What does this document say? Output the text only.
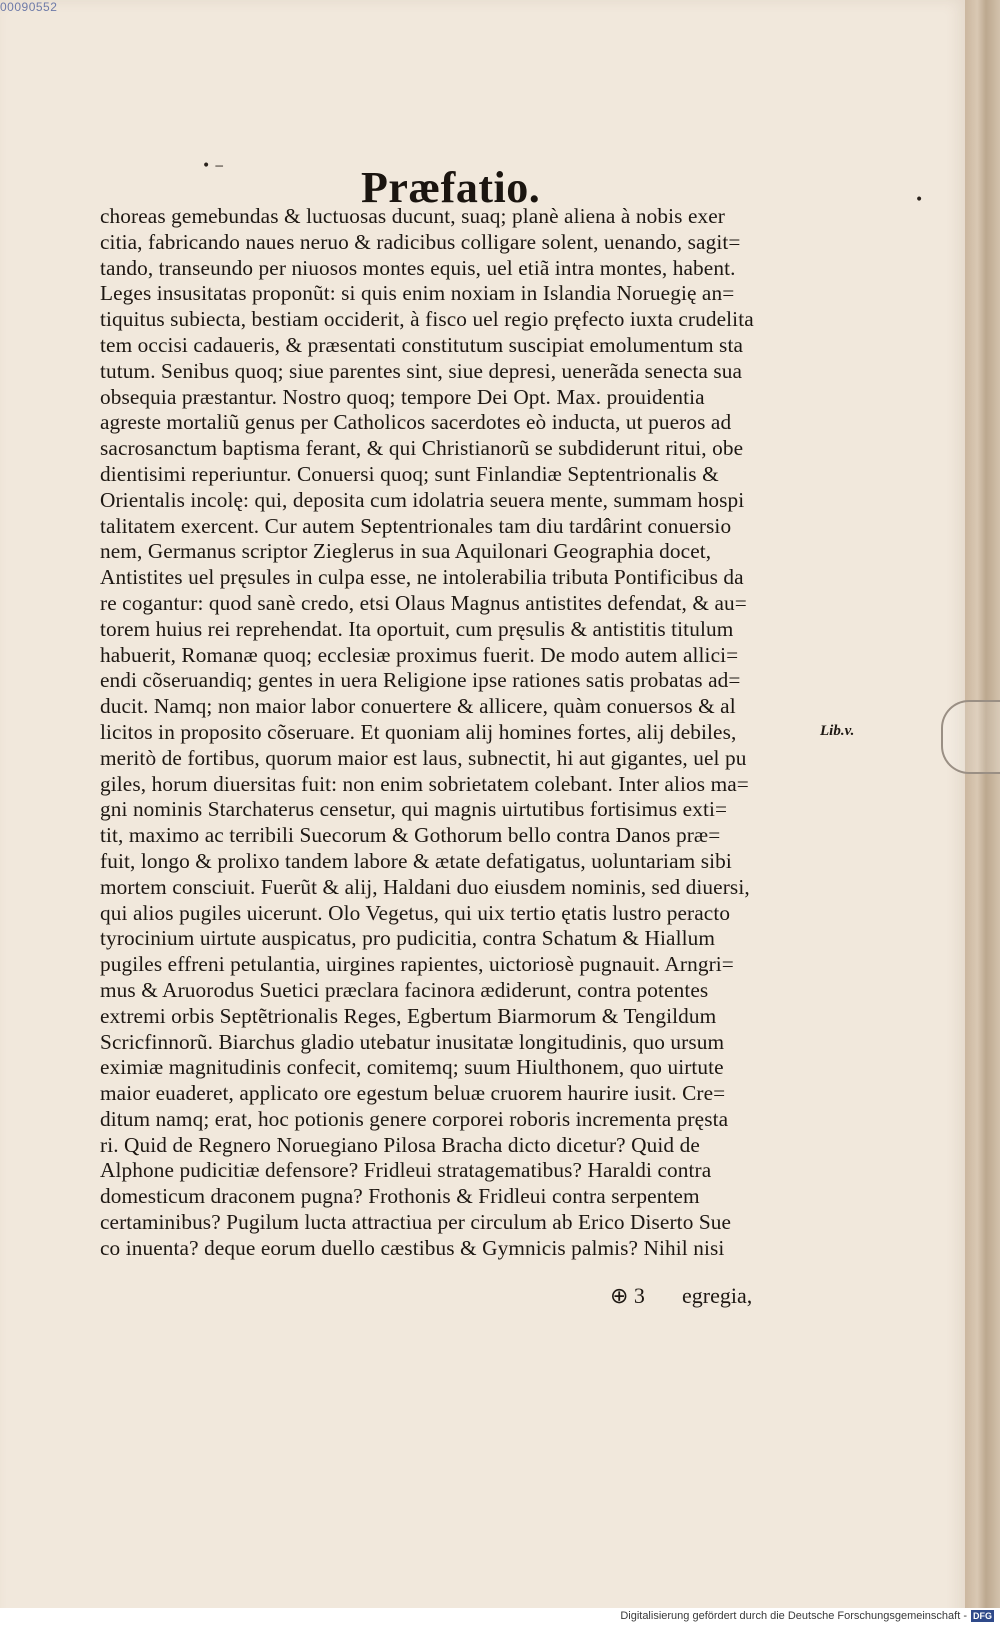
00090552
• ‒	Præfatio.	•
choreas gemebundas & luctuosas ducunt, suaq; planè aliena à nobis exer
citia, fabricando naues neruo & radicibus colligare solent, uenando, sagit=
tando, transeundo per niuosos montes equis, uel etiã intra montes, habent.
Leges insusitatas proponũt: si quis enim noxiam in Islandia Noruegię an=
tiquitus subiecta, bestiam occiderit, à fisco uel regio pręfecto iuxta crudelita
tem occisi cadaueris, & præsentati constitutum suscipiat emolumentum sta
tutum. Senibus quoq; siue parentes sint, siue depresi, uenerãda senecta sua
obsequia præstantur. Nostro quoq; tempore Dei Opt. Max. prouidentia
agreste mortaliũ genus per Catholicos sacerdotes eò inducta, ut pueros ad
sacrosanctum baptisma ferant, & qui Christianorũ se subdiderunt ritui, obe
dientisimi reperiuntur. Conuersi quoq; sunt Finlandiæ Septentrionalis &
Orientalis incolę: qui, deposita cum idolatria seuera mente, summam hospi
talitatem exercent. Cur autem Septentrionales tam diu tardârint conuersio
nem, Germanus scriptor Zieglerus in sua Aquilonari Geographia docet,
Antistites uel pręsules in culpa esse, ne intolerabilia tributa Pontificibus da
re cogantur: quod sanè credo, etsi Olaus Magnus antistites defendat, & au=
torem huius rei reprehendat. Ita oportuit, cum pręsulis & antistitis titulum
habuerit, Romanæ quoq; ecclesiæ proximus fuerit. De modo autem allici=
endi cõseruandiq; gentes in uera Religione ipse rationes satis probatas ad=
ducit. Namq; non maior labor conuertere & allicere, quàm conuersos & al
licitos in proposito cõseruare. Et quoniam alij homines fortes, alij debiles,
meritò de fortibus, quorum maior est laus, subnectit, hi aut gigantes, uel pu
giles, horum diuersitas fuit: non enim sobrietatem colebant. Inter alios ma=
gni nominis Starchaterus censetur, qui magnis uirtutibus fortisimus exti=
tit, maximo ac terribili Suecorum & Gothorum bello contra Danos præ=
fuit, longo & prolixo tandem labore & ætate defatigatus, uoluntariam sibi
mortem consciuit. Fuerũt & alij, Haldani duo eiusdem nominis, sed diuersi,
qui alios pugiles uicerunt. Olo Vegetus, qui uix tertio ętatis lustro peracto
tyrocinium uirtute auspicatus, pro pudicitia, contra Schatum & Hiallum
pugiles effreni petulantia, uirgines rapientes, uictoriosè pugnauit. Arngri=
mus & Aruorodus Suetici præclara facinora ædiderunt, contra potentes
extremi orbis Septẽtrionalis Reges, Egbertum Biarmorum & Tengildum
Scricfinnorũ. Biarchus gladio utebatur inusitatæ longitudinis, quo ursum
eximiæ magnitudinis confecit, comitemq; suum Hiulthonem, quo uirtute
maior euaderet, applicato ore egestum beluæ cruorem haurire iusit. Cre=
ditum namq; erat, hoc potionis genere corporei roboris incrementa pręsta
ri. Quid de Regnero Noruegiano Pilosa Bracha dicto dicetur? Quid de
Alphone pudicitiæ defensore? Fridleui stratagematibus? Haraldi contra
domesticum draconem pugna? Frothonis & Fridleui contra serpentem
certaminibus? Pugilum lucta attractiua per circulum ab Erico Diserto Sue
co inuenta? deque eorum duello cæstibus & Gymnicis palmis? Nihil nisi
Lib.v.
⊕ 3 egregia,
Digitalisierung gefördert durch die Deutsche Forschungsgemeinschaft - DFG
